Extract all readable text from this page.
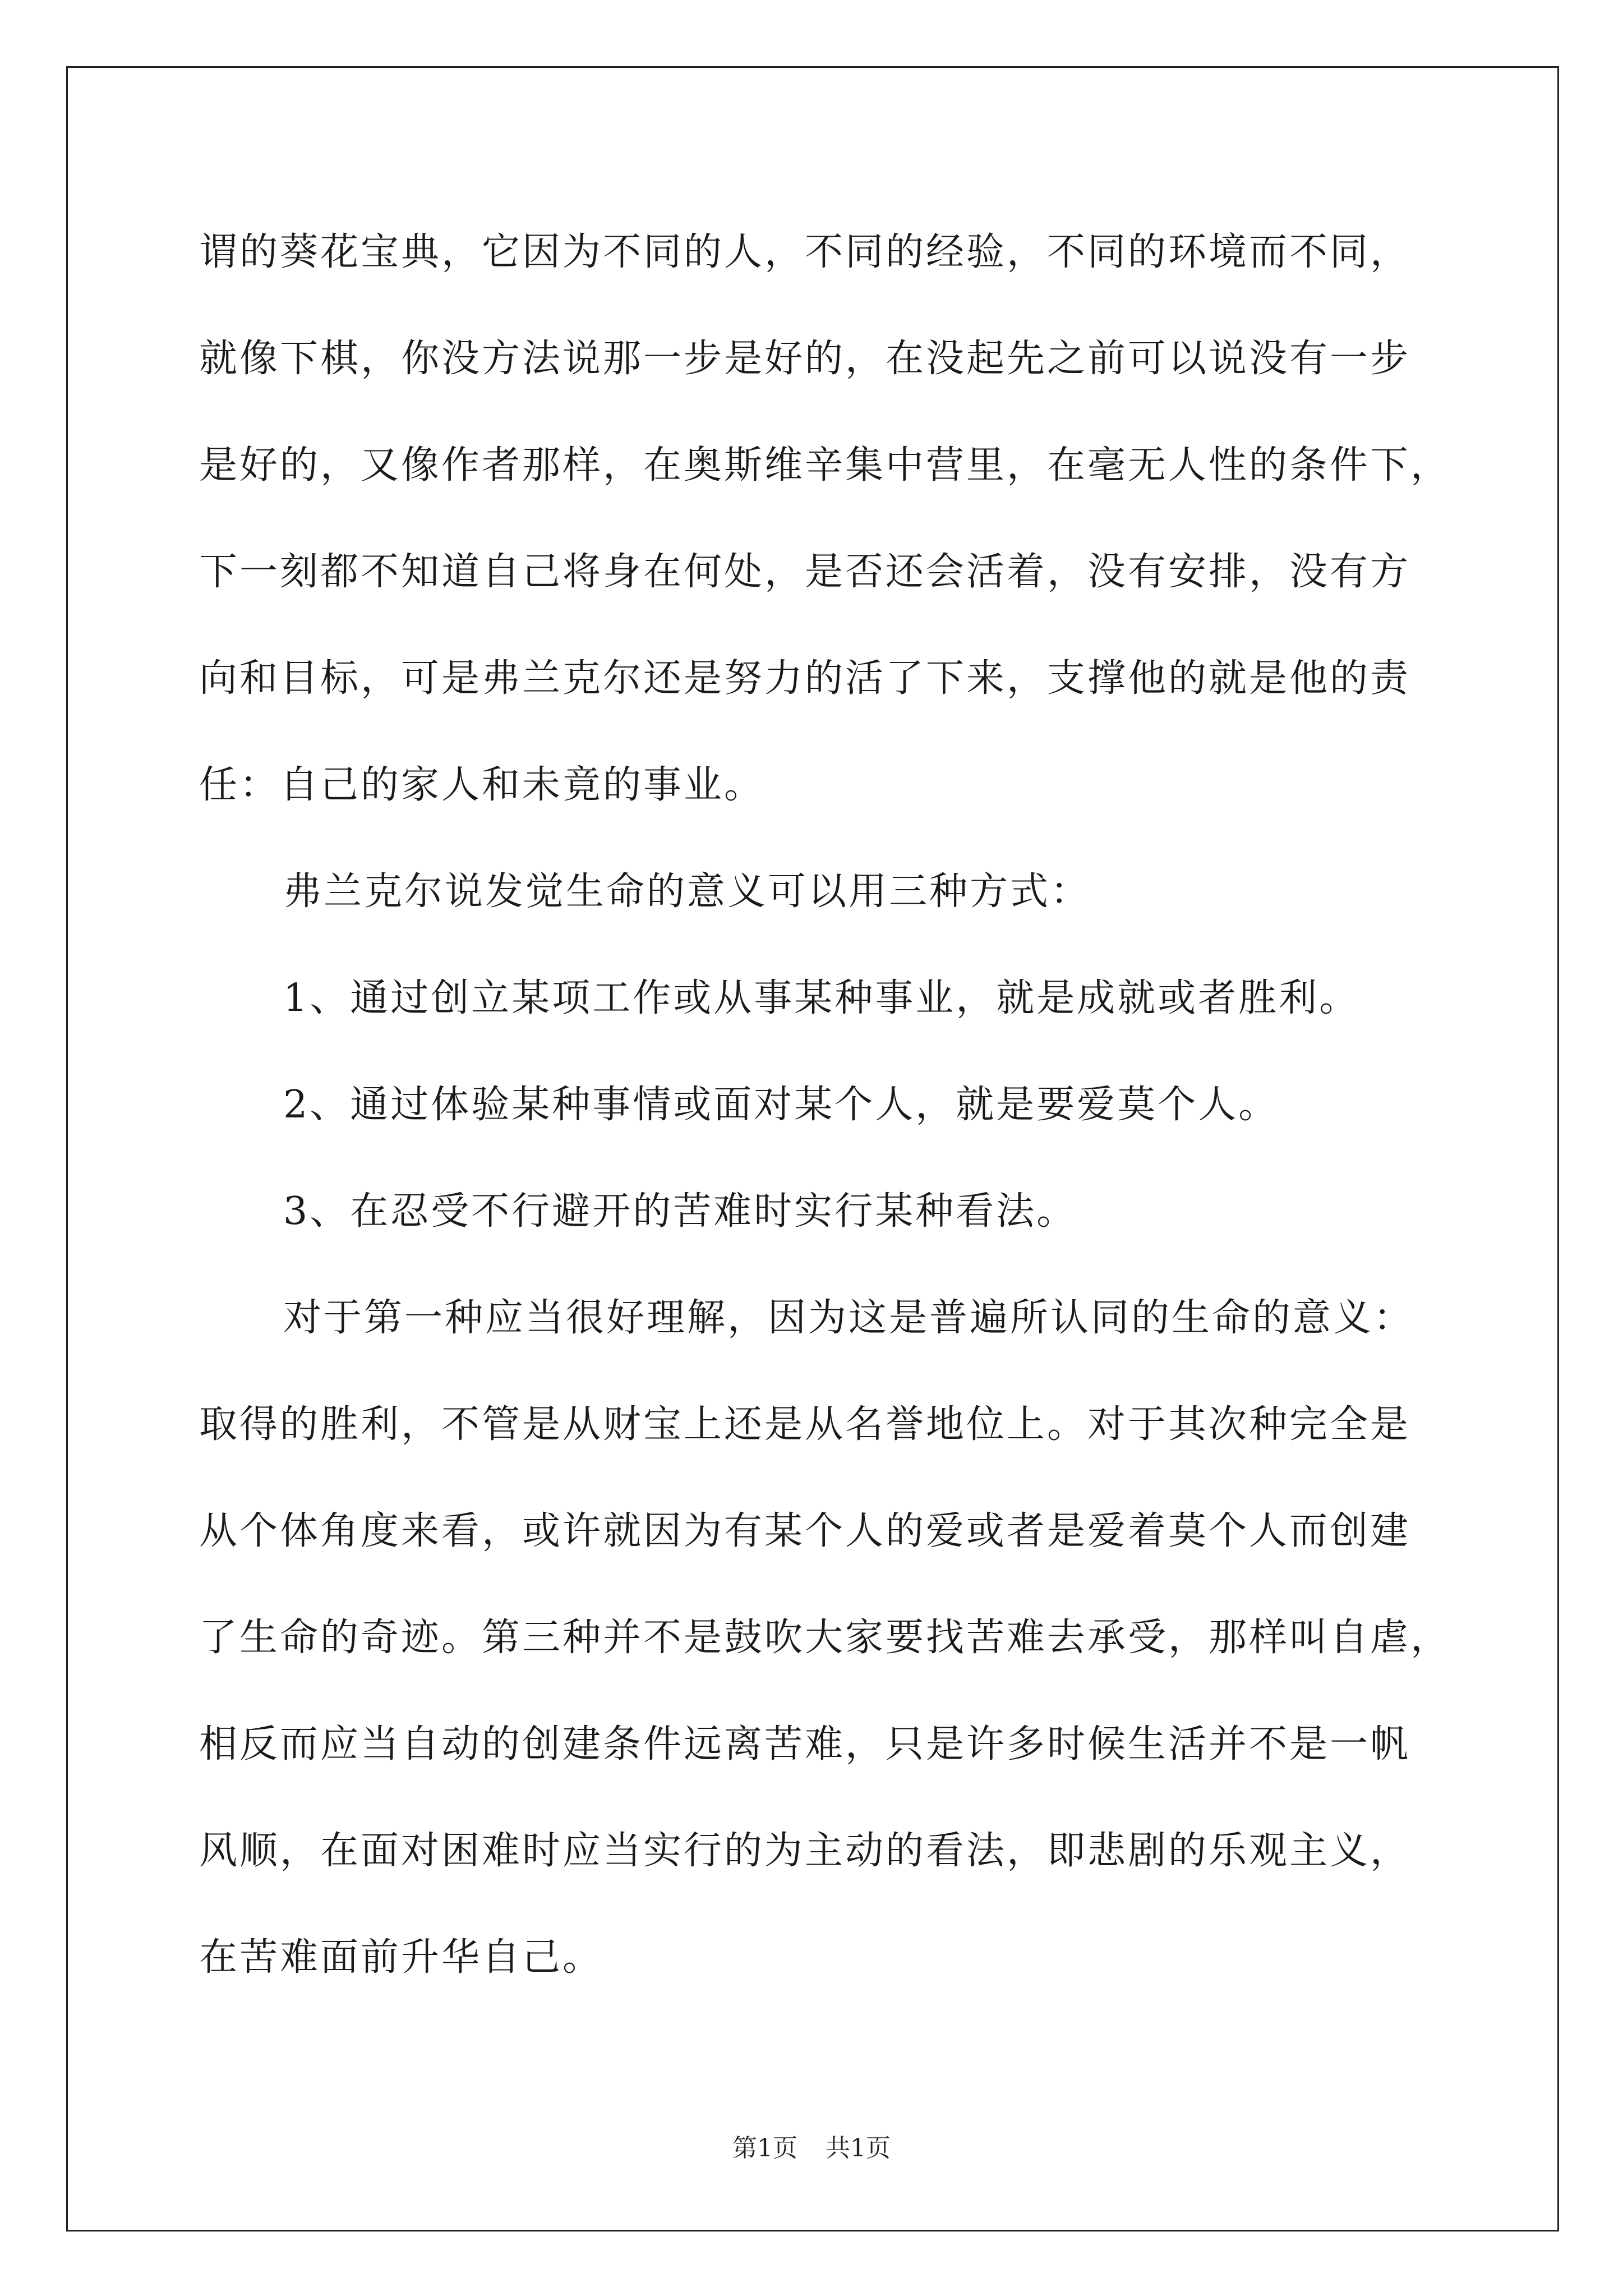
谓的葵花宝典，它因为不同的人，不同的经验，不同的环境而不同，
就像下棋，你没方法说那一步是好的，在没起先之前可以说没有一步
是好的，又像作者那样，在奥斯维辛集中营里，在毫无人性的条件下，
下一刻都不知道自己将身在何处，是否还会活着，没有安排，没有方
向和目标，可是弗兰克尔还是努力的活了下来，支撑他的就是他的责
任：自己的家人和未竟的事业。
弗兰克尔说发觉生命的意义可以用三种方式：
1、通过创立某项工作或从事某种事业，就是成就或者胜利。
2、通过体验某种事情或面对某个人，就是要爱莫个人。
3、在忍受不行避开的苦难时实行某种看法。
对于第一种应当很好理解，因为这是普遍所认同的生命的意义：
取得的胜利，不管是从财宝上还是从名誉地位上。对于其次种完全是
从个体角度来看，或许就因为有某个人的爱或者是爱着莫个人而创建
了生命的奇迹。第三种并不是鼓吹大家要找苦难去承受，那样叫自虐，
相反而应当自动的创建条件远离苦难，只是许多时候生活并不是一帆
风顺，在面对困难时应当实行的为主动的看法，即悲剧的乐观主义，
在苦难面前升华自己。
第1页 共1页
